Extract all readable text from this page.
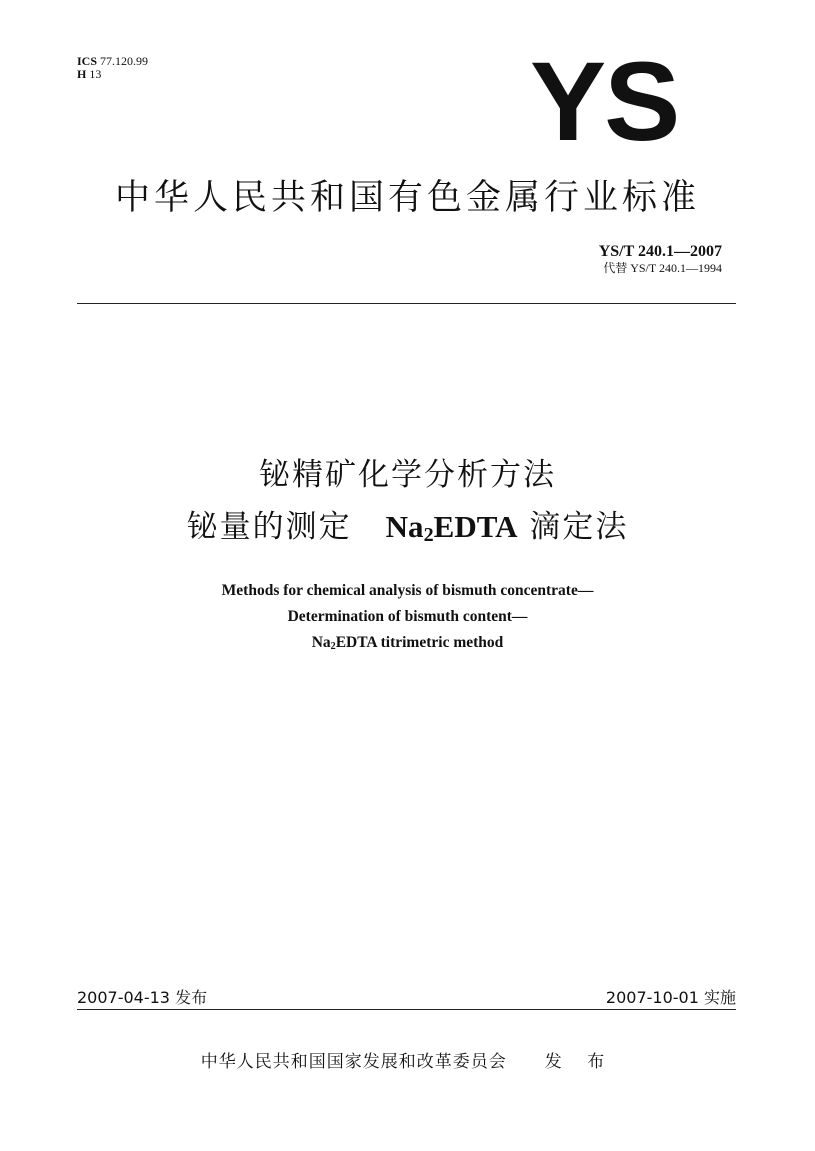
ICS 77.120.99
H 13	YS
中华人民共和国有色金属行业标准
YS/T 240.1—2007
代替 YS/T 240.1—1994
铋精矿化学分析方法
铋量的测定 $Na_2EDTA$ 滴定法
Methods for chemical analysis of bismuth concentrate—
Determination of bismuth content—
$Na_2EDTA$ titrimetric method
2007-04-13 发布	2007-10-01 实施
中华人民共和国国家发展和改革委员会 发 布
